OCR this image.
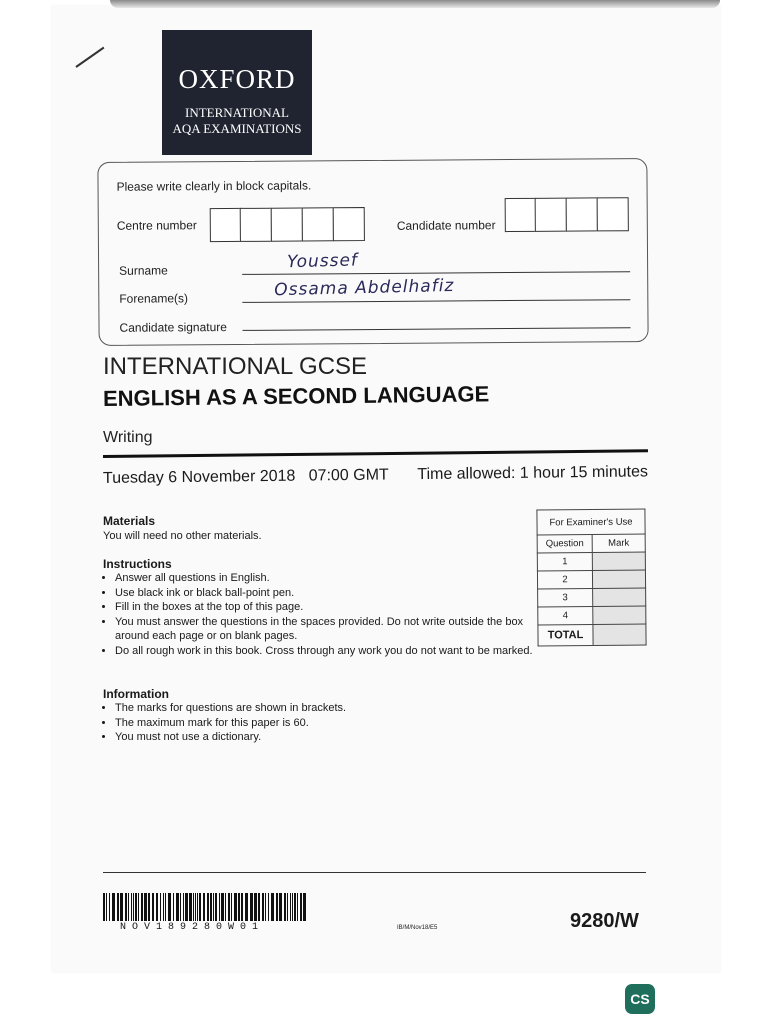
OXFORD
INTERNATIONAL
AQA EXAMINATIONS
Please write clearly in block capitals.
Centre number	Candidate number
Surname	Youssef
Forename(s)	Ossama Abdelhafiz
Candidate signature
INTERNATIONAL GCSE
ENGLISH AS A SECOND LANGUAGE
Writing
Tuesday 6 November 2018 07:00 GMT Time allowed: 1 hour 15 minutes
Materials
You will need no other materials.
Instructions
• Answer all questions in English.
• Use black ink or black ball-point pen.
• Fill in the boxes at the top of this page.
• You must answer the questions in the spaces provided. Do not write outside the box around each page or on blank pages.
• Do all rough work in this book. Cross through any work you do not want to be marked.
Information
• The marks for questions are shown in brackets.
• The maximum mark for this paper is 60.
• You must not use a dictionary.
For Examiner's Use	
Question	Mark
1	
2	
3	
4	
TOTAL	
NOV189280W01	IB/M/Nov18/E5	9280/W
CS
